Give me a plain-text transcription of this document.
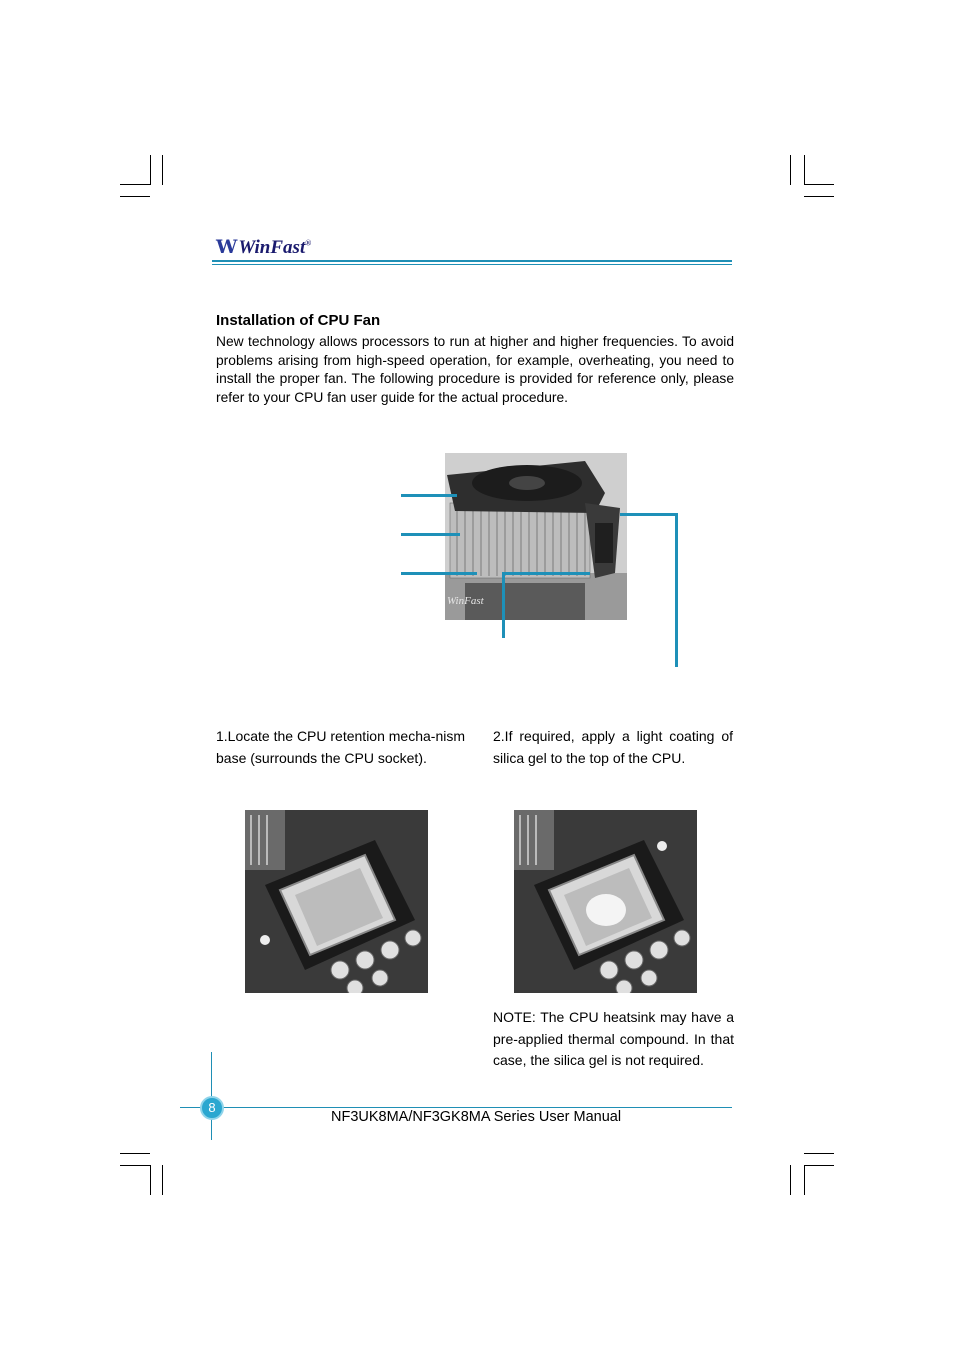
WWinFast®
Installation of CPU Fan
New technology allows processors to run at higher and higher frequencies. To avoid problems arising from high-speed operation, for example, overheating, you need to install the proper fan. The following procedure is provided for reference only, please refer to your CPU fan user guide for the actual procedure.
WinFast
1.Locate the CPU retention mecha-nism base (surrounds the CPU socket).
2.If required, apply a light coating of silica gel to the top of the CPU.
NOTE: The CPU heatsink may have a pre-applied thermal compound. In that case, the silica gel is not required.
8
NF3UK8MA/NF3GK8MA Series User Manual
